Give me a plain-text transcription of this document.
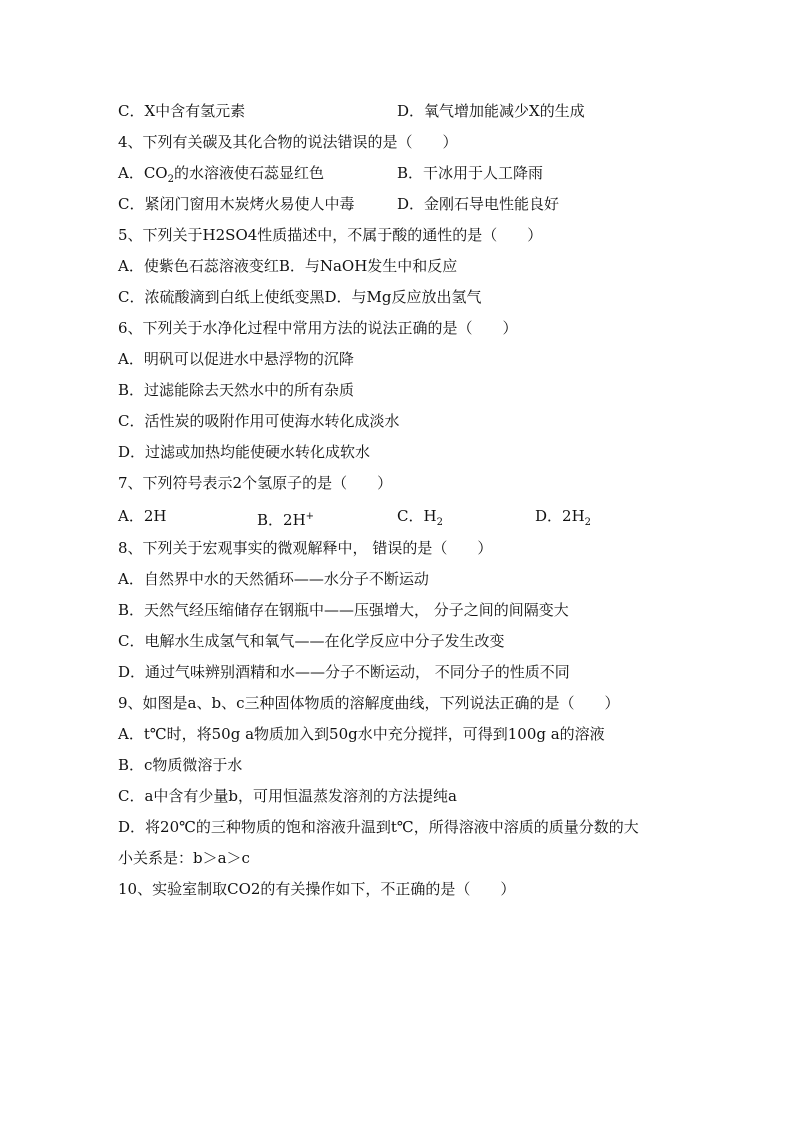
C．X中含有氢元素	D．氧气增加能减少X的生成
4、下列有关碳及其化合物的说法错误的是（　　）
A．$CO_2$的水溶液使石蕊显红色	B．干冰用于人工降雨
C．紧闭门窗用木炭烤火易使人中毒	D．金刚石导电性能良好
5、下列关于H2SO4性质描述中，不属于酸的通性的是（　　）
A．使紫色石蕊溶液变红B．与NaOH发生中和反应
C．浓硫酸滴到白纸上使纸变黑D．与Mg反应放出氢气
6、下列关于水净化过程中常用方法的说法正确的是（　　）
A．明矾可以促进水中悬浮物的沉降
B．过滤能除去天然水中的所有杂质
C．活性炭的吸附作用可使海水转化成淡水
D．过滤或加热均能使硬水转化成软水
7、下列符号表示2个氢原子的是（　　）
A．2H	B．2H+	C．$H_2$	D．$2H_2$
8、下列关于宏观事实的微观解释中， 错误的是（　　）
A．自然界中水的天然循环——水分子不断运动
B．天然气经压缩储存在钢瓶中——压强增大， 分子之间的间隔变大
C．电解水生成氢气和氧气——在化学反应中分子发生改变
D．通过气味辨别酒精和水——分子不断运动， 不同分子的性质不同
9、如图是a、b、c三种固体物质的溶解度曲线，下列说法正确的是（　　）
A．t℃时，将50g a物质加入到50g水中充分搅拌，可得到100g a的溶液
B．c物质微溶于水
C．a中含有少量b，可用恒温蒸发溶剂的方法提纯a
D．将20℃的三种物质的饱和溶液升温到t℃，所得溶液中溶质的质量分数的大
小关系是：b＞a＞c
10、实验室制取CO2的有关操作如下，不正确的是（　　）
